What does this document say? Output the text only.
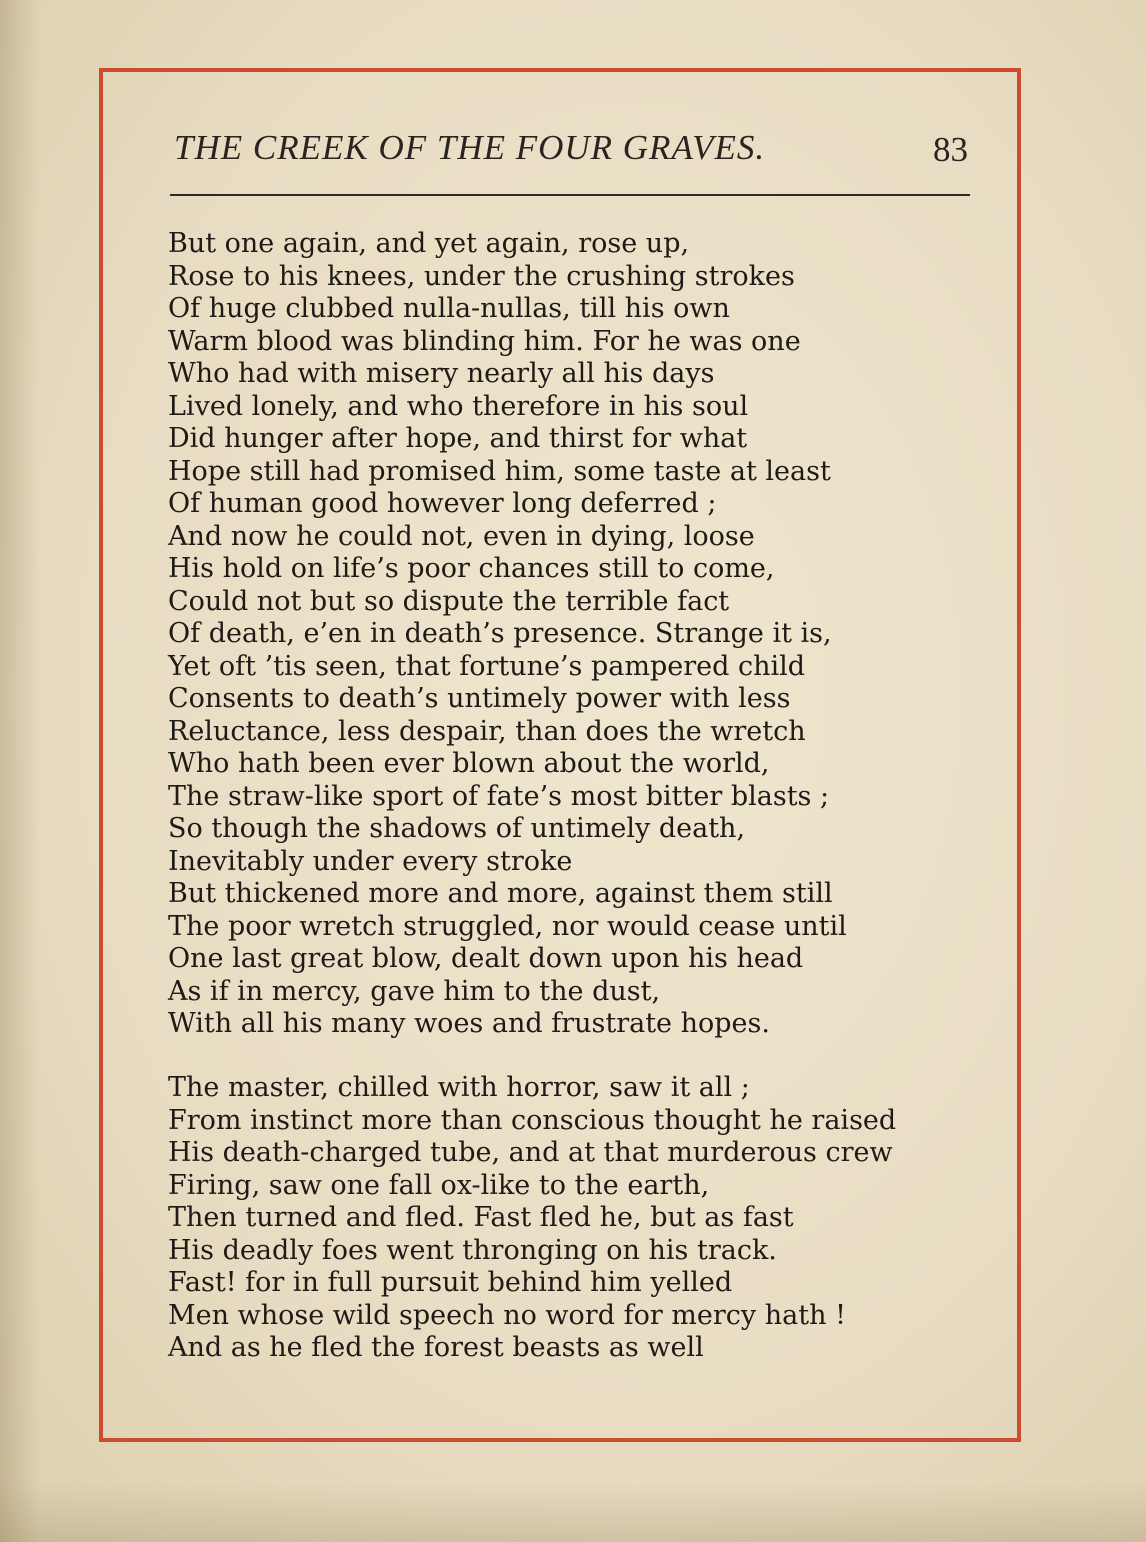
THE CREEK OF THE FOUR GRAVES.	83
But one again, and yet again, rose up,
Rose to his knees, under the crushing strokes
Of huge clubbed nulla-nullas, till his own
Warm blood was blinding him. For he was one
Who had with misery nearly all his days
Lived lonely, and who therefore in his soul
Did hunger after hope, and thirst for what
Hope still had promised him, some taste at least
Of human good however long deferred ;
And now he could not, even in dying, loose
His hold on life’s poor chances still to come,
Could not but so dispute the terrible fact
Of death, e’en in death’s presence. Strange it is,
Yet oft ’tis seen, that fortune’s pampered child
Consents to death’s untimely power with less
Reluctance, less despair, than does the wretch
Who hath been ever blown about the world,
The straw-like sport of fate’s most bitter blasts ;
So though the shadows of untimely death,
Inevitably under every stroke
But thickened more and more, against them still
The poor wretch struggled, nor would cease until
One last great blow, dealt down upon his head
As if in mercy, gave him to the dust,
With all his many woes and frustrate hopes.
The master, chilled with horror, saw it all ;
From instinct more than conscious thought he raised
His death-charged tube, and at that murderous crew
Firing, saw one fall ox-like to the earth,
Then turned and fled. Fast fled he, but as fast
His deadly foes went thronging on his track.
Fast! for in full pursuit behind him yelled
Men whose wild speech no word for mercy hath !
And as he fled the forest beasts as well
